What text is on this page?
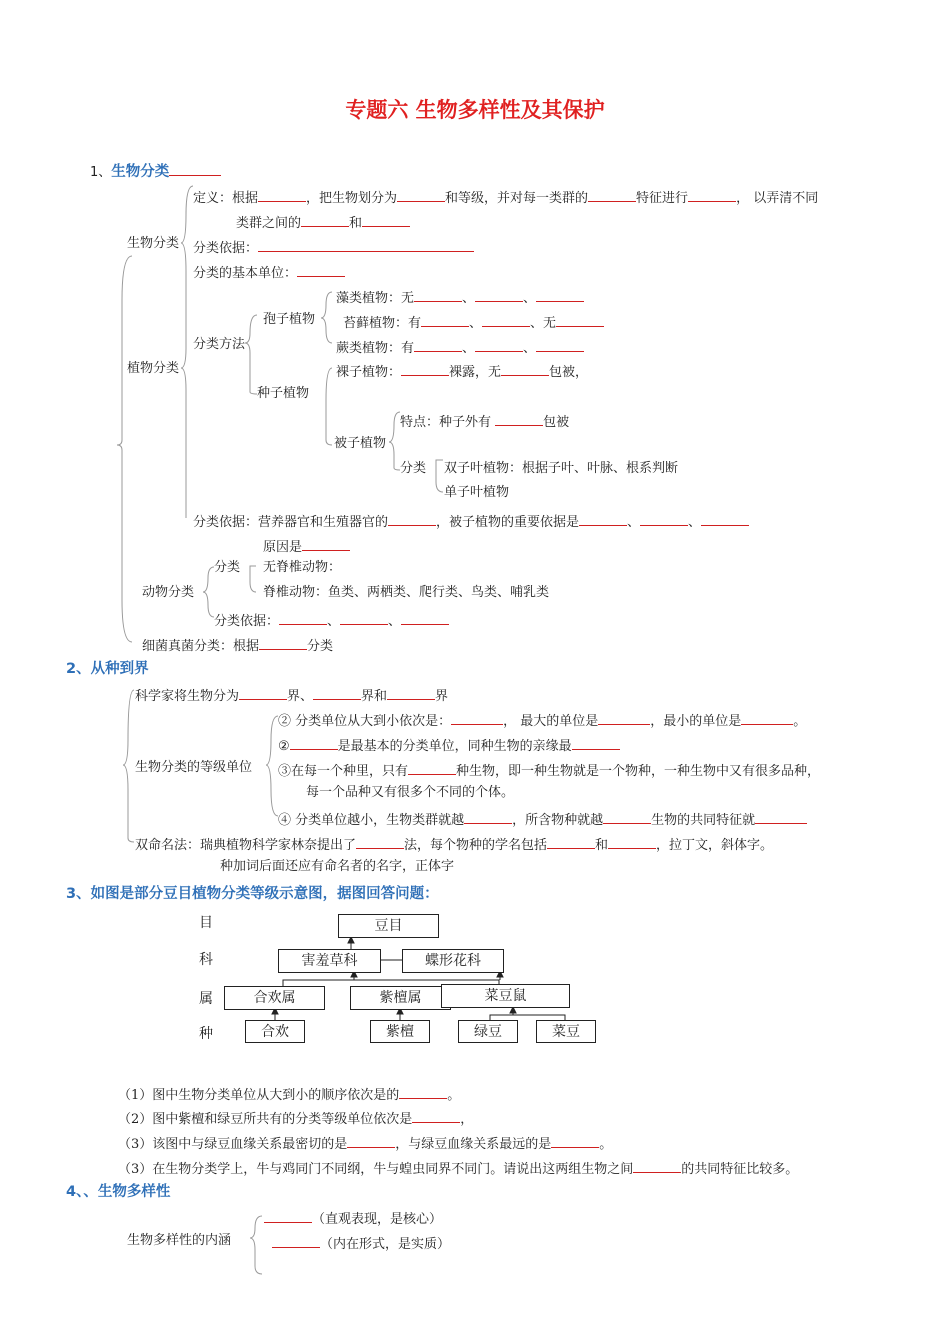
专题六 生物多样性及其保护
1、生物分类
定义：根据	，把生物划分为	和等级，并对每一类群的	特征进行	， 以弄清不同
类群之间的	和
生物分类 分类依据：
分类的基本单位：
藻类植物：无	、	、
孢子植物 苔藓植物：有	、	、无
分类方法	蕨类植物：有	、	、
植物分类	裸子植物：	裸露，无	包被，
种子植物
特点：种子外有	包被
被子植物
分类 双子叶植物：根据子叶、叶脉、根系判断
单子叶植物
分类依据：营养器官和生殖器官的	，被子植物的重要依据是	、	、
原因是
分类 无脊椎动物：
动物分类	脊椎动物：鱼类、两栖类、爬行类、鸟类、哺乳类
分类依据：	、	、
细菌真菌分类：根据	分类
2、从种到界
科学家将生物分为	界、	界和	界
② 分类单位从大到小依次是：	， 最大的单位是	，最小的单位是	。
②	是最基本的分类单位，同种生物的亲缘最
生物分类的等级单位 ③在每一个种里，只有	种生物，即一种生物就是一个物种，一种生物中又有很多品种，
每一个品种又有很多个不同的个体。
④ 分类单位越小，生物类群就越	，所含物种就越	生物的共同特征就
双命名法：瑞典植物科学家林奈提出了	法，每个物种的学名包括	和	，拉丁文，斜体字。
种加词后面还应有命名者的名字，正体字
3、如图是部分豆目植物分类等级示意图，据图回答问题：
目
科
属
种
豆目
害羞草科	蝶形花科
合欢属	紫檀属	菜豆鼠
合欢	紫檀	绿豆	菜豆
（1）图中生物分类单位从大到小的顺序依次是的	。
（2）图中紫檀和绿豆所共有的分类等级单位依次是	，
（3）该图中与绿豆血缘关系最密切的是	，与绿豆血缘关系最远的是	。
（3）在生物分类学上，牛与鸡同门不同纲，牛与蝗虫同界不同门。请说出这两组生物之间	的共同特征比较多。
4、、生物多样性
（直观表现，是核心）
生物多样性的内涵	（内在形式，是实质）
